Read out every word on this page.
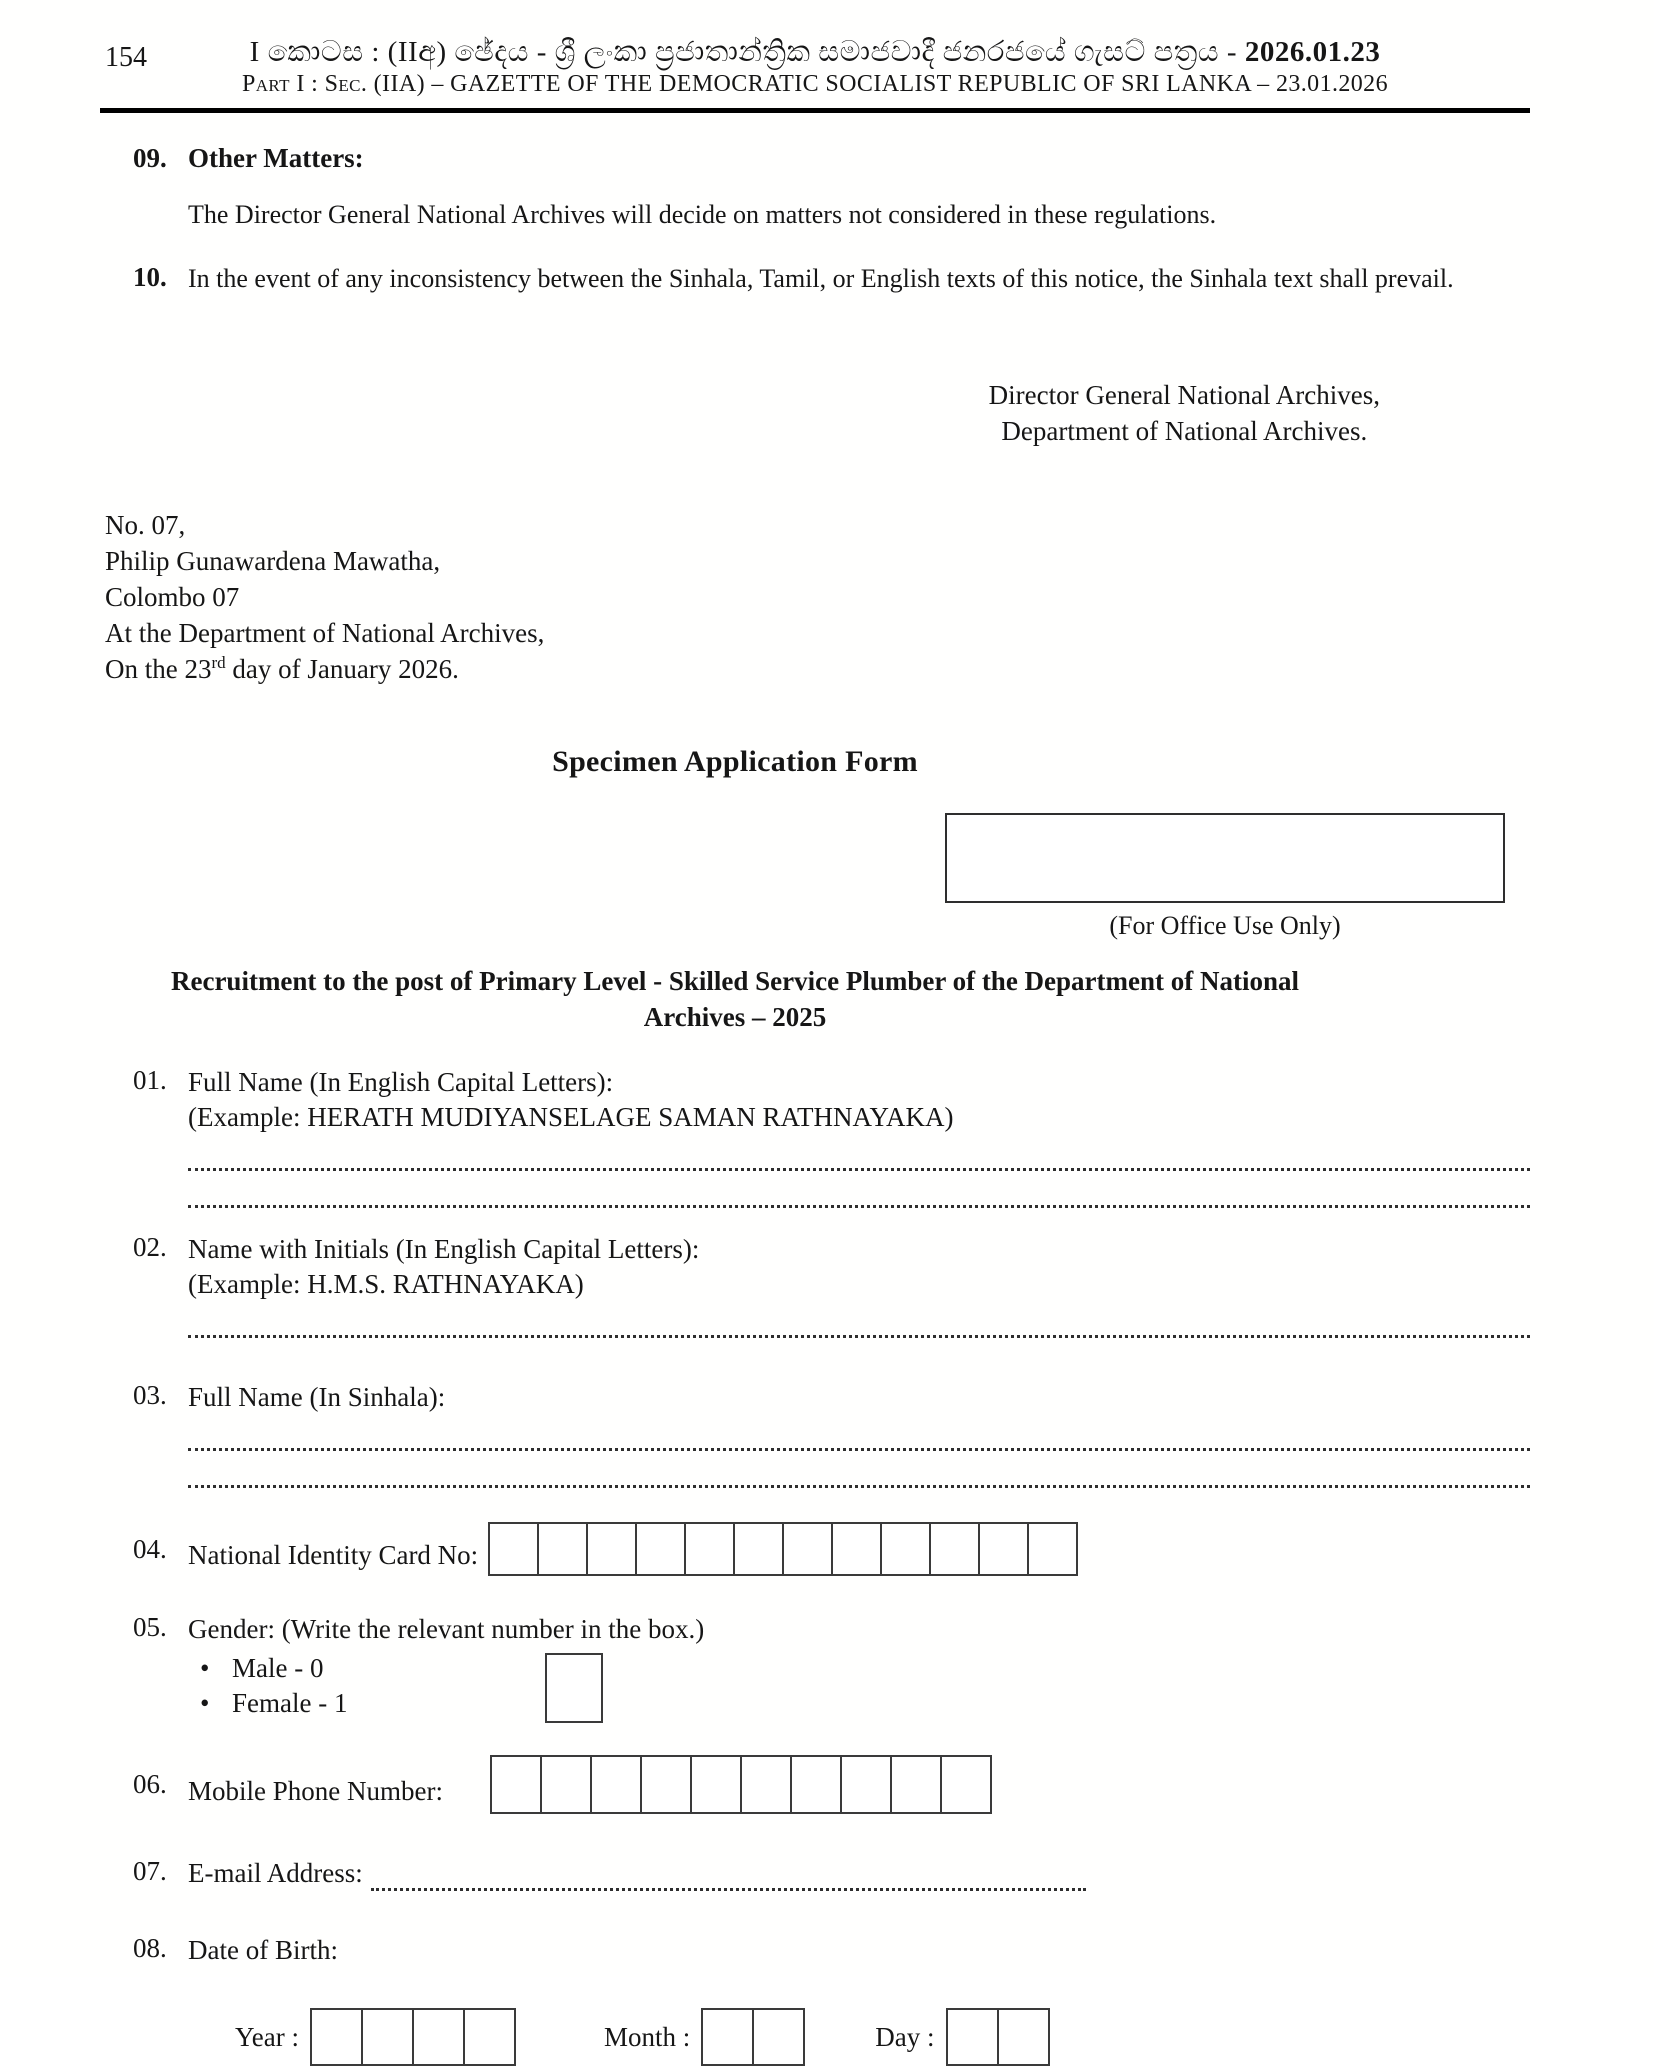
154	I කොටස : (IIඅ) ඡේදය - ශ්‍රී ලංකා ප්‍රජාතාන්ත්‍රික සමාජවාදී ජනරජයේ ගැසට් පත්‍රය - 2026.01.23
Part I : Sec. (IIA) – GAZETTE OF THE DEMOCRATIC SOCIALIST REPUBLIC OF SRI LANKA – 23.01.2026
09. Other Matters:
The Director General National Archives will decide on matters not considered in these regulations.
10. In the event of any inconsistency between the Sinhala, Tamil, or English texts of this notice, the Sinhala text shall prevail.
Director General National Archives,
Department of National Archives.
No. 07,
Philip Gunawardena Mawatha,
Colombo 07
At the Department of National Archives,
On the 23rd day of January 2026.
Specimen Application Form
(For Office Use Only)
Recruitment to the post of Primary Level - Skilled Service Plumber of the Department of National
Archives – 2025
01. Full Name (In English Capital Letters):
(Example: HERATH MUDIYANSELAGE SAMAN RATHNAYAKA)
02. Name with Initials (In English Capital Letters):
(Example: H.M.S. RATHNAYAKA)
03. Full Name (In Sinhala):
04. National Identity Card No:
05. Gender: (Write the relevant number in the box.)
• Male - 0
• Female - 1
06. Mobile Phone Number:
07. E-mail Address:
08. Date of Birth:
Year :	Month :	Day :
